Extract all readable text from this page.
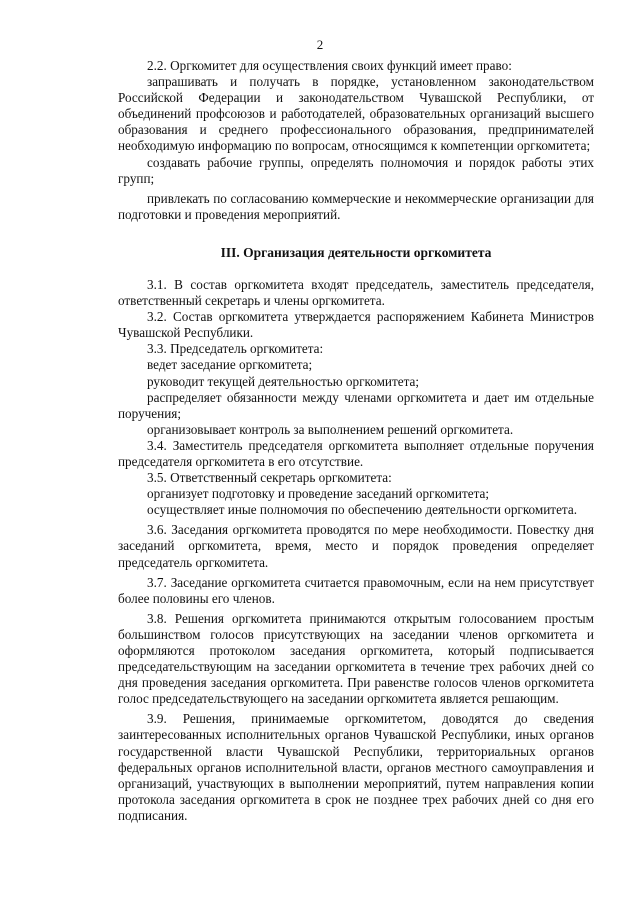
2

2.2. Оргкомитет для осуществления своих функций имеет право:

запрашивать и получать в порядке, установленном законодательством Российской Федерации и законодательством Чувашской Республики, от объединений профсоюзов и работодателей, образовательных организаций высшего образования и среднего профессионального образования, предпринимателей необходимую информацию по вопросам, относящимся к компетенции оргкомитета;

создавать рабочие группы, определять полномочия и порядок работы этих групп;

привлекать по согласованию коммерческие и некоммерческие организации для подготовки и проведения мероприятий.

III. Организация деятельности оргкомитета

3.1. В состав оргкомитета входят председатель, заместитель председателя, ответственный секретарь и члены оргкомитета.

3.2. Состав оргкомитета утверждается распоряжением Кабинета Министров Чувашской Республики.

3.3. Председатель оргкомитета:

ведет заседание оргкомитета;

руководит текущей деятельностью оргкомитета;

распределяет обязанности между членами оргкомитета и дает им отдельные поручения;

организовывает контроль за выполнением решений оргкомитета.

3.4. Заместитель председателя оргкомитета выполняет отдельные поручения председателя оргкомитета в его отсутствие.

3.5. Ответственный секретарь оргкомитета:

организует подготовку и проведение заседаний оргкомитета;

осуществляет иные полномочия по обеспечению деятельности оргкомитета.

3.6. Заседания оргкомитета проводятся по мере необходимости. Повестку дня заседаний оргкомитета, время, место и порядок проведения определяет председатель оргкомитета.

3.7. Заседание оргкомитета считается правомочным, если на нем присутствует более половины его членов.

3.8. Решения оргкомитета принимаются открытым голосованием простым большинством голосов присутствующих на заседании членов оргкомитета и оформляются протоколом заседания оргкомитета, который подписывается председательствующим на заседании оргкомитета в течение трех рабочих дней со дня проведения заседания оргкомитета. При равенстве голосов членов оргкомитета голос председательствующего на заседании оргкомитета является решающим.

3.9. Решения, принимаемые оргкомитетом, доводятся до сведения заинтересованных исполнительных органов Чувашской Республики, иных органов государственной власти Чувашской Республики, территориальных органов федеральных органов исполнительной власти, органов местного самоуправления и организаций, участвующих в выполнении мероприятий, путем направления копии протокола заседания оргкомитета в срок не позднее трех рабочих дней со дня его подписания.
